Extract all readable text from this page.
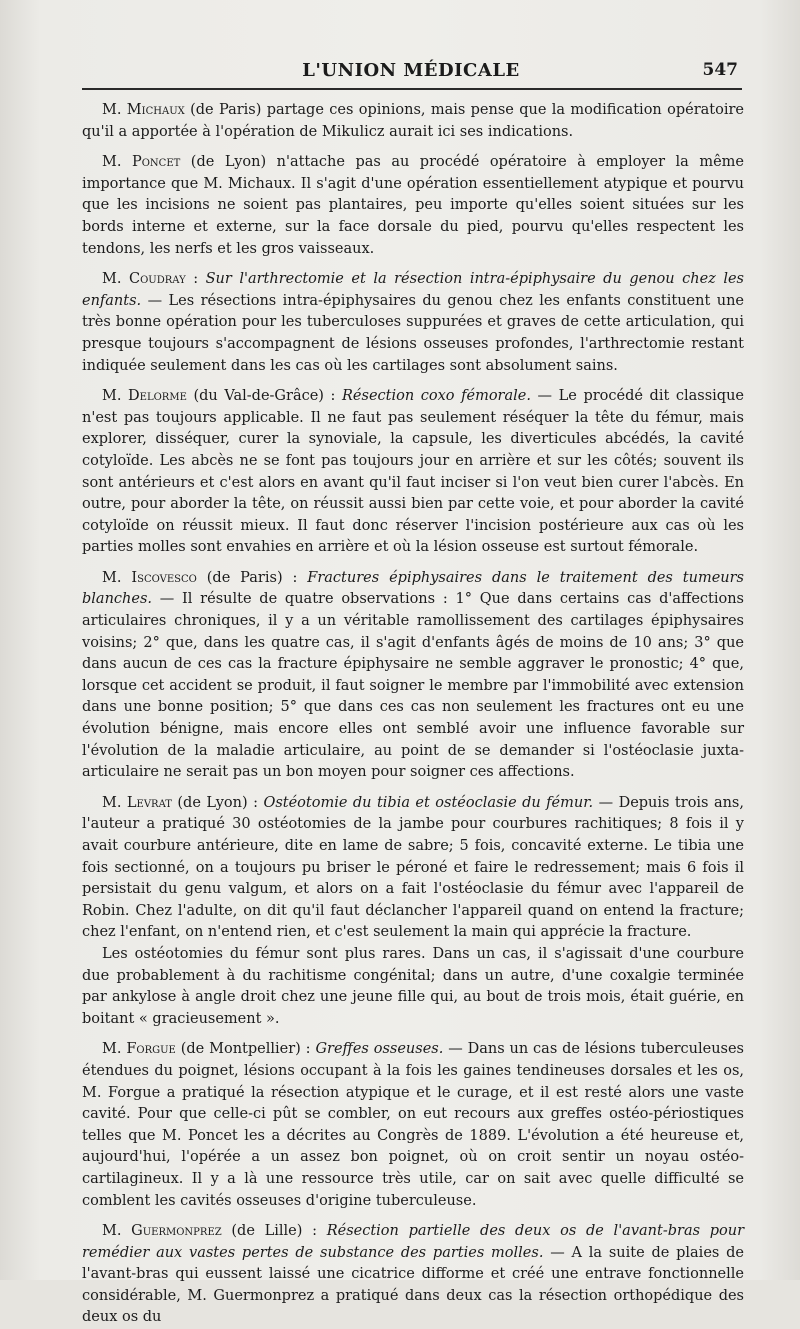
L'UNION MÉDICALE	547

M. Michaux (de Paris) partage ces opinions, mais pense que la modification opératoire qu'il a apportée à l'opération de Mikulicz aurait ici ses indications.

M. Poncet (de Lyon) n'attache pas au procédé opératoire à employer la même importance que M. Michaux. Il s'agit d'une opération essentiellement atypique et pourvu que les incisions ne soient pas plantaires, peu importe qu'elles soient situées sur les bords interne et externe, sur la face dorsale du pied, pourvu qu'elles respectent les tendons, les nerfs et les gros vaisseaux.

M. Coudray : Sur l'arthrectomie et la résection intra-épiphysaire du genou chez les enfants. — Les résections intra-épiphysaires du genou chez les enfants constituent une très bonne opération pour les tuberculoses suppurées et graves de cette articulation, qui presque toujours s'accompagnent de lésions osseuses profondes, l'arthrectomie restant indiquée seulement dans les cas où les cartilages sont absolument sains.

M. Delorme (du Val-de-Grâce) : Résection coxo fémorale. — Le procédé dit classique n'est pas toujours applicable. Il ne faut pas seulement réséquer la tête du fémur, mais explorer, disséquer, curer la synoviale, la capsule, les diverticules abcédés, la cavité cotyloïde. Les abcès ne se font pas toujours jour en arrière et sur les côtés; souvent ils sont antérieurs et c'est alors en avant qu'il faut inciser si l'on veut bien curer l'abcès. En outre, pour aborder la tête, on réussit aussi bien par cette voie, et pour aborder la cavité cotyloïde on réussit mieux. Il faut donc réserver l'incision postérieure aux cas où les parties molles sont envahies en arrière et où la lésion osseuse est surtout fémorale.

M. Iscovesco (de Paris) : Fractures épiphysaires dans le traitement des tumeurs blanches. — Il résulte de quatre observations : 1° Que dans certains cas d'affections articulaires chroniques, il y a un véritable ramollissement des cartilages épiphysaires voisins; 2° que, dans les quatre cas, il s'agit d'enfants âgés de moins de 10 ans; 3° que dans aucun de ces cas la fracture épiphysaire ne semble aggraver le pronostic; 4° que, lorsque cet accident se produit, il faut soigner le membre par l'immobilité avec extension dans une bonne position; 5° que dans ces cas non seulement les fractures ont eu une évolution bénigne, mais encore elles ont semblé avoir une influence favorable sur l'évolution de la maladie articulaire, au point de se demander si l'ostéoclasie juxta-articulaire ne serait pas un bon moyen pour soigner ces affections.

M. Levrat (de Lyon) : Ostéotomie du tibia et ostéoclasie du fémur. — Depuis trois ans, l'auteur a pratiqué 30 ostéotomies de la jambe pour courbures rachitiques; 8 fois il y avait courbure antérieure, dite en lame de sabre; 5 fois, concavité externe. Le tibia une fois sectionné, on a toujours pu briser le péroné et faire le redressement; mais 6 fois il persistait du genu valgum, et alors on a fait l'ostéoclasie du fémur avec l'appareil de Robin. Chez l'adulte, on dit qu'il faut déclancher l'appareil quand on entend la fracture; chez l'enfant, on n'entend rien, et c'est seulement la main qui apprécie la fracture.

Les ostéotomies du fémur sont plus rares. Dans un cas, il s'agissait d'une courbure due probablement à du rachitisme congénital; dans un autre, d'une coxalgie terminée par ankylose à angle droit chez une jeune fille qui, au bout de trois mois, était guérie, en boitant « gracieusement ».

M. Forgue (de Montpellier) : Greffes osseuses. — Dans un cas de lésions tuberculeuses étendues du poignet, lésions occupant à la fois les gaines tendineuses dorsales et les os, M. Forgue a pratiqué la résection atypique et le curage, et il est resté alors une vaste cavité. Pour que celle-ci pût se combler, on eut recours aux greffes ostéo-périostiques telles que M. Poncet les a décrites au Congrès de 1889. L'évolution a été heureuse et, aujourd'hui, l'opérée a un assez bon poignet, où on croit sentir un noyau ostéo-cartilagineux. Il y a là une ressource très utile, car on sait avec quelle difficulté se comblent les cavités osseuses d'origine tuberculeuse.

M. Guermonprez (de Lille) : Résection partielle des deux os de l'avant-bras pour remédier aux vastes pertes de substance des parties molles. — A la suite de plaies de l'avant-bras qui eussent laissé une cicatrice difforme et créé une entrave fonctionnelle considérable, M. Guermonprez a pratiqué dans deux cas la résection orthopédique des deux os du
